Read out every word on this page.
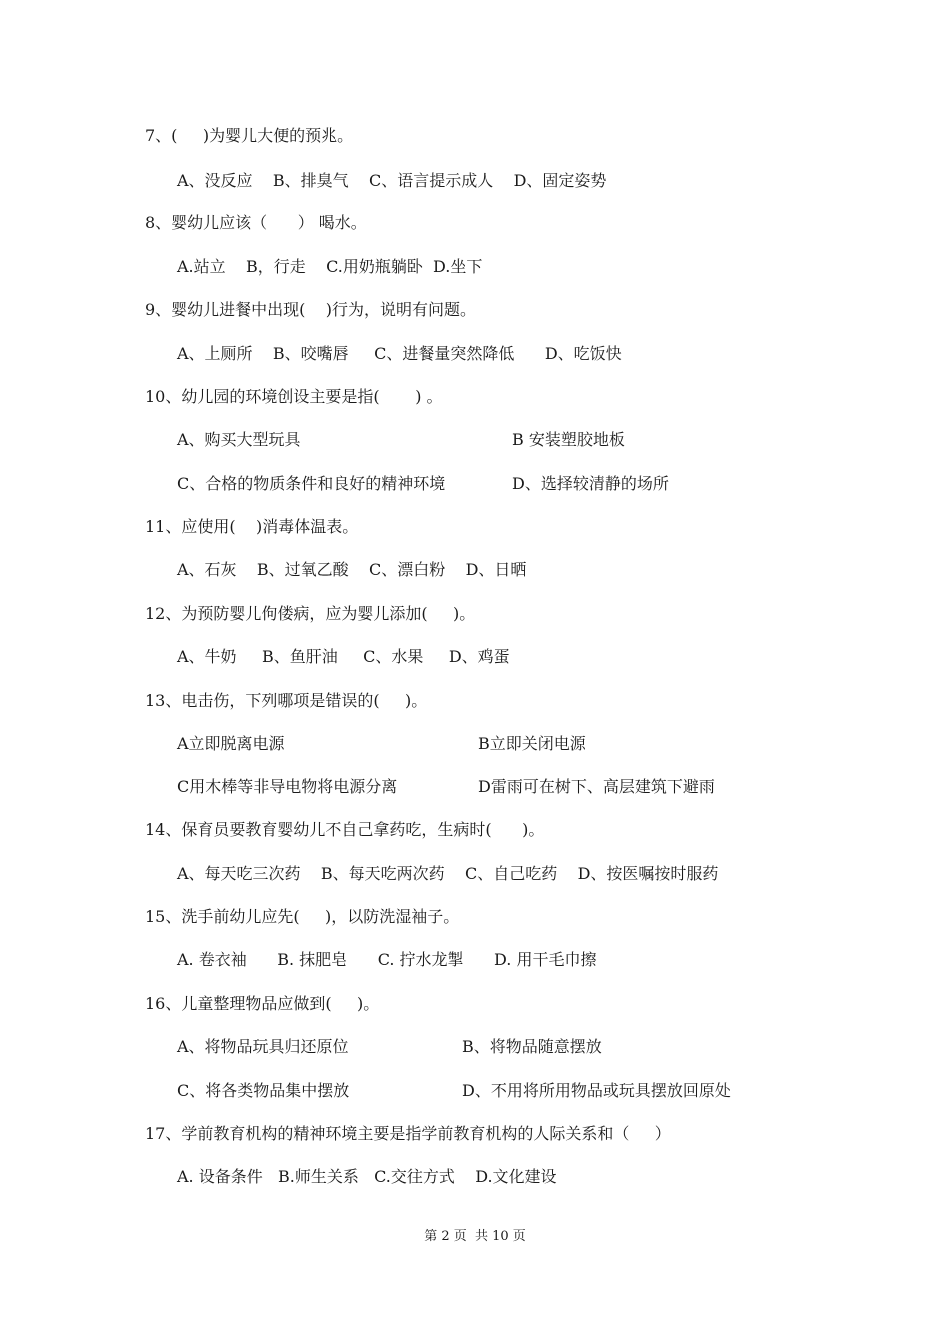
7、(     )为婴儿大便的预兆。
A、没反应    B、排臭气    C、语言提示成人    D、固定姿势
8、婴幼儿应该（      ） 喝水。
A.站立    B，行走    C.用奶瓶躺卧  D.坐下
9、婴幼儿进餐中出现(    )行为，说明有问题。
A、上厕所    B、咬嘴唇     C、进餐量突然降低      D、吃饭快
10、幼儿园的环境创设主要是指(       ) 。
A、购买大型玩具	B 安装塑胶地板
C、合格的物质条件和良好的精神环境	D、选择较清静的场所
11、应使用(    )消毒体温表。
A、石灰    B、过氧乙酸    C、漂白粉    D、日晒
12、为预防婴儿佝偻病，应为婴儿添加(     )。
A、牛奶     B、鱼肝油     C、水果     D、鸡蛋
13、电击伤，下列哪项是错误的(     )。
A立即脱离电源	B立即关闭电源
C用木棒等非导电物将电源分离	D雷雨可在树下、高层建筑下避雨
14、保育员要教育婴幼儿不自己拿药吃，生病时(      )。
A、每天吃三次药    B、每天吃两次药    C、自己吃药    D、按医嘱按时服药
15、洗手前幼儿应先(     )，以防洗湿袖子。
A. 卷衣袖      B. 抹肥皂      C. 拧水龙掣      D. 用干毛巾擦
16、儿童整理物品应做到(     )。
A、将物品玩具归还原位	B、将物品随意摆放
C、将各类物品集中摆放	D、不用将所用物品或玩具摆放回原处
17、学前教育机构的精神环境主要是指学前教育机构的人际关系和（     ）
A. 设备条件   B.师生关系   C.交往方式    D.文化建设
第 2 页  共 10 页
